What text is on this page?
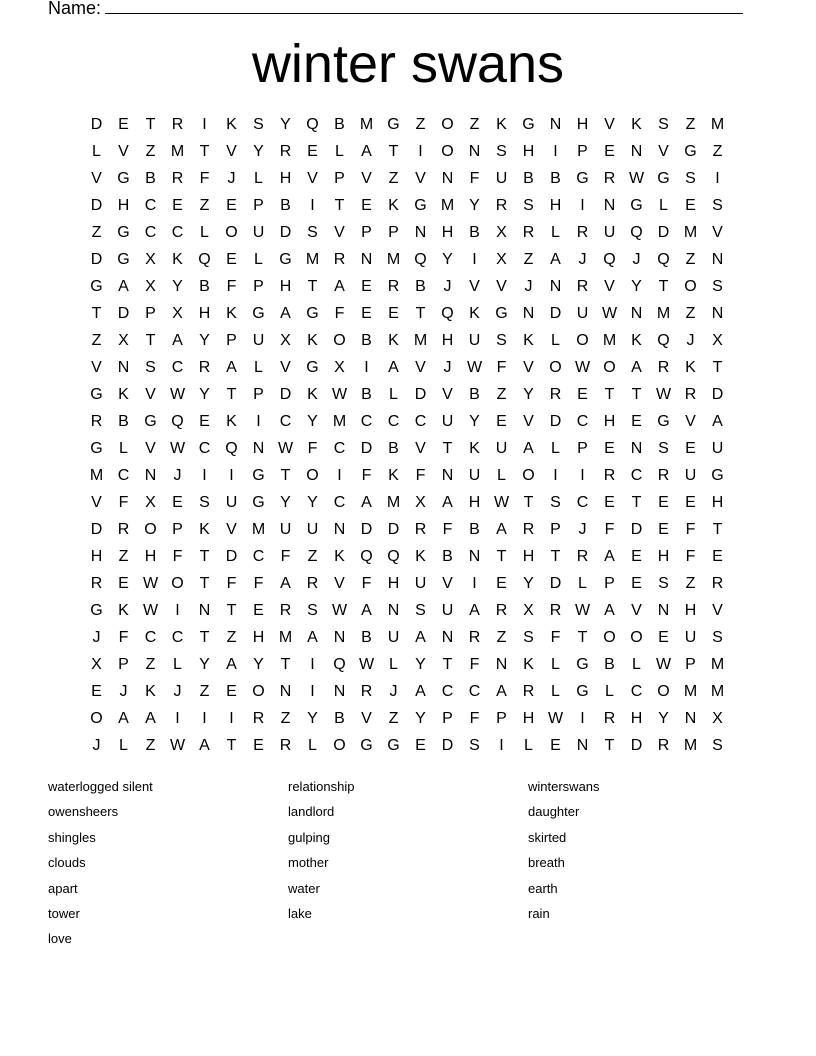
Name:
winter swans
D E	T	R	I	K	S	Y Q B M G Z O Z	K G N H V	K	S	Z M
L	V	Z M T	V	Y R E	L	A	T	I	O N S H	I	P	E N V G Z
V G B R	F	J	L	H V	P	V	Z	V N	F	U B	B G R W G S	I
D H C E	Z	E	P	B	I	T	E	K G M Y R S H	I	N G	L	E	S
Z G C C	L	O U D S	V	P	P N H B	X R	L	R U Q D M V
D G X	K Q E	L	G M R N M Q Y	I	X	Z	A	J	Q	J	Q Z	N
G A	X	Y	B	F	P H	T	A	E R B	J	V	V	J	N R V	Y	T O S
T	D P	X H K G A G F	E	E	T Q K G N D U W N M Z	N
Z	X	T	A	Y	P U X	K O B	K M H U S	K	L	O M K Q	J	X
V N S C R A	L	V G X	I	A	V	J W F	V O W O A R K	T
G K	V W Y	T	P D K W B	L	D V	B	Z	Y R E	T	T W R D
R B G Q E	K	I	C Y M C C C U Y	E	V D C H E G V	A
G	L	V W C Q N W F	C D B	V	T	K U A	L	P	E N S	E U
M C N	J	I	I	G T O	I	F	K	F	N U	L	O	I	I	R C R U G
V	F	X	E	S U G Y	Y C A M X	A H W T	S C E	T	E	E H
D R O P	K	V M U U N D D R	F	B	A R P	J	F	D E	F	T
H	Z	H	F	T	D C	F	Z	K Q Q K	B N	T	H	T	R A	E H	F	E
R E W O T	F	F	A R V	F	H U V	I	E	Y D	L	P	E	S	Z	R
G K W	I	N	T	E R S W A N S U A R X R W A	V N H V
J	F	C C	T	Z	H M A N B U A N R	Z	S	F	T O O E U S
X	P	Z	L	Y	A	Y	T	I	Q W L	Y	T	F	N K	L	G B	L W P M
E	J	K	J	Z	E O N	I	N R	J	A C C A R	L	G	L	C O M M
O A	A	I	I	I	R	Z	Y	B	V	Z	Y	P	F	P H W	I	R H Y N X
J	L	Z W A	T	E R	L	O G G E D S	I	L	E N	T	D R M S
waterlogged silent
owensheers
shingles
clouds
apart
tower
love
relationship
landlord
gulping
mother
water
lake
winterswans
daughter
skirted
breath
earth
rain
